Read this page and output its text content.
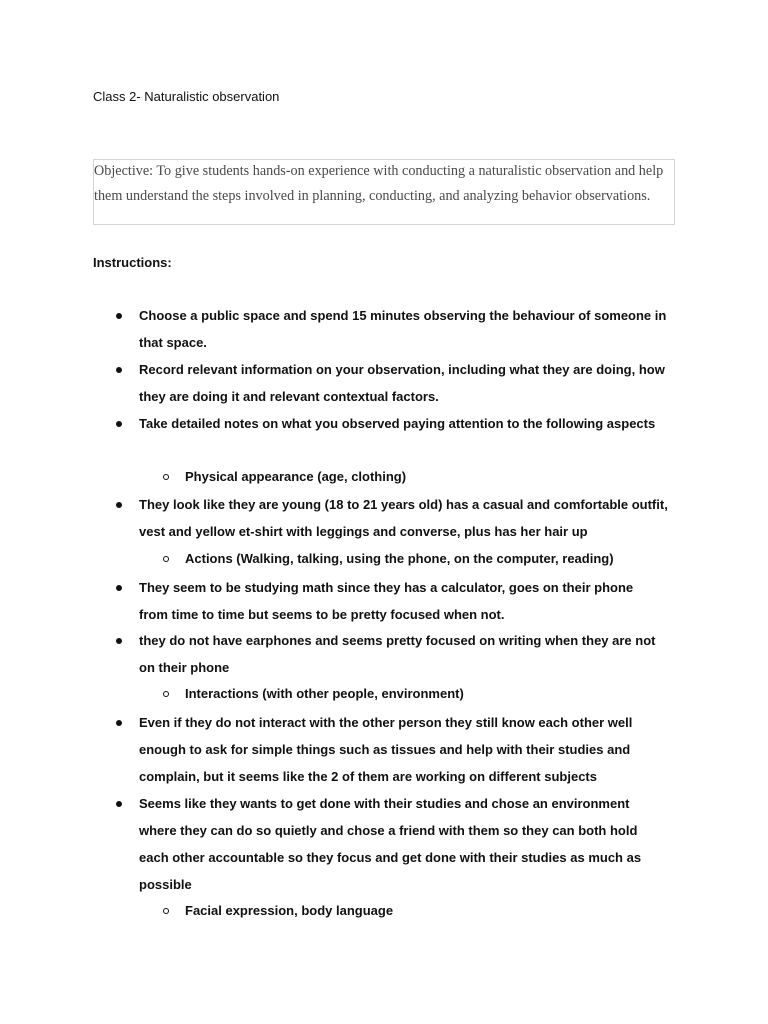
Class 2- Naturalistic observation
Objective: To give students hands-on experience with conducting a naturalistic observation and help them understand the steps involved in planning, conducting, and analyzing behavior observations.
Instructions:
Choose a public space and spend 15 minutes observing the behaviour of someone in
that space.
Record relevant information on your observation, including what they are doing, how
they are doing it and relevant contextual factors.
Take detailed notes on what you observed paying attention to the following aspects
Physical appearance (age, clothing)
They look like they are young (18 to 21 years old) has a casual and comfortable outfit,
vest and yellow et-shirt with leggings and converse, plus has her hair up
Actions (Walking, talking, using the phone, on the computer, reading)
They seem to be studying math since they has a calculator, goes on their phone
from time to time but seems to be pretty focused when not.
they do not have earphones and seems pretty focused on writing when they are not
on their phone
Interactions (with other people, environment)
Even if they do not interact with the other person they still know each other well
enough to ask for simple things such as tissues and help with their studies and
complain, but it seems like the 2 of them are working on different subjects
Seems like they wants to get done with their studies and chose an environment
where they can do so quietly and chose a friend with them so they can both hold
each other accountable so they focus and get done with their studies as much as
possible
Facial expression, body language
